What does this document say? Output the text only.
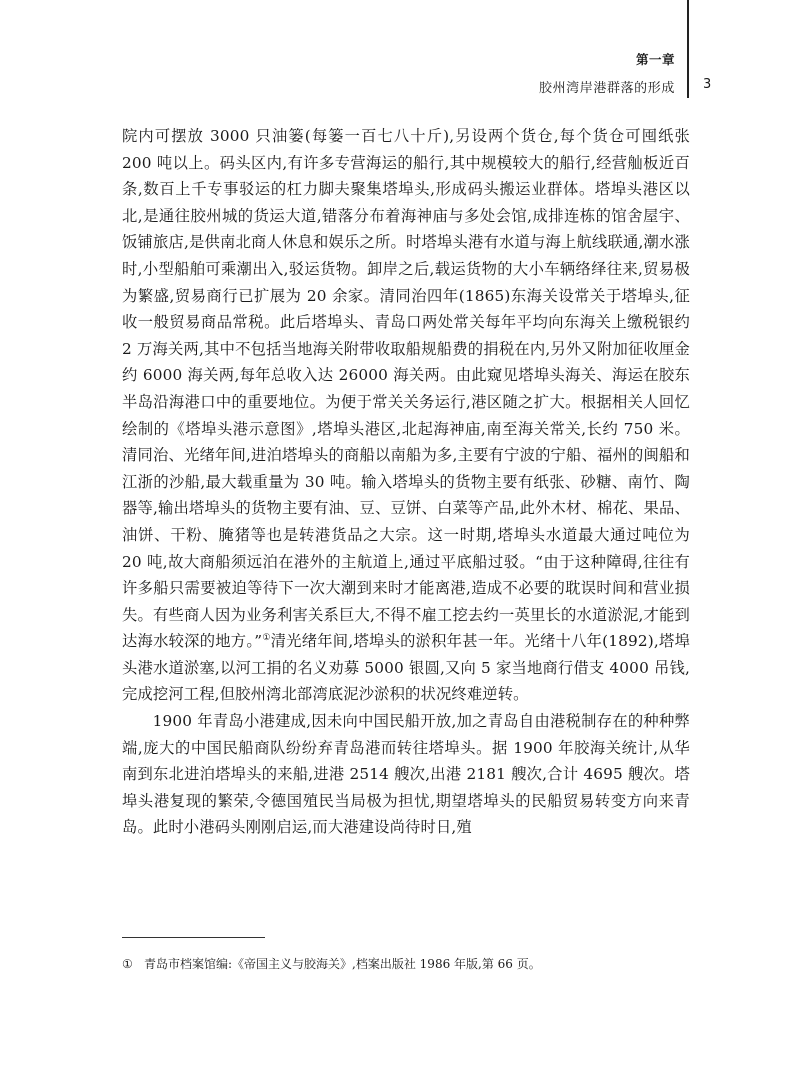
第一章
胶州湾岸港群落的形成 3

院内可摆放 3000 只油篓(每篓一百七八十斤),另设两个货仓,每个货仓可囤纸张 200 吨以上。码头区内,有许多专营海运的船行,其中规模较大的船行,经营舢板近百条,数百上千专事驳运的杠力脚夫聚集塔埠头,形成码头搬运业群体。塔埠头港区以北,是通往胶州城的货运大道,错落分布着海神庙与多处会馆,成排连栋的馆舍屋宇、饭铺旅店,是供南北商人休息和娱乐之所。时塔埠头港有水道与海上航线联通,潮水涨时,小型船舶可乘潮出入,驳运货物。卸岸之后,载运货物的大小车辆络绎往来,贸易极为繁盛,贸易商行已扩展为 20 余家。清同治四年(1865)东海关设常关于塔埠头,征收一般贸易商品常税。此后塔埠头、青岛口两处常关每年平均向东海关上缴税银约 2 万海关两,其中不包括当地海关附带收取船规船费的捐税在内,另外又附加征收厘金约 6000 海关两,每年总收入达 26000 海关两。由此窥见塔埠头海关、海运在胶东半岛沿海港口中的重要地位。为便于常关关务运行,港区随之扩大。根据相关人回忆绘制的《塔埠头港示意图》,塔埠头港区,北起海神庙,南至海关常关,长约 750 米。清同治、光绪年间,进泊塔埠头的商船以南船为多,主要有宁波的宁船、福州的闽船和江浙的沙船,最大载重量为 30 吨。输入塔埠头的货物主要有纸张、砂糖、南竹、陶器等,输出塔埠头的货物主要有油、豆、豆饼、白菜等产品,此外木材、棉花、果品、油饼、干粉、腌猪等也是转港货品之大宗。这一时期,塔埠头水道最大通过吨位为 20 吨,故大商船须远泊在港外的主航道上,通过平底船过驳。“由于这种障碍,往往有许多船只需要被迫等待下一次大潮到来时才能离港,造成不必要的耽误时间和营业损失。有些商人因为业务利害关系巨大,不得不雇工挖去约一英里长的水道淤泥,才能到达海水较深的地方。”①清光绪年间,塔埠头的淤积年甚一年。光绪十八年(1892),塔埠头港水道淤塞,以河工捐的名义劝募 5000 银圆,又向 5 家当地商行借支 4000 吊钱,完成挖河工程,但胶州湾北部湾底泥沙淤积的状况终难逆转。

1900 年青岛小港建成,因未向中国民船开放,加之青岛自由港税制存在的种种弊端,庞大的中国民船商队纷纷弃青岛港而转往塔埠头。据 1900 年胶海关统计,从华南到东北进泊塔埠头的来船,进港 2514 艘次,出港 2181 艘次,合计 4695 艘次。塔埠头港复现的繁荣,令德国殖民当局极为担忧,期望塔埠头的民船贸易转变方向来青岛。此时小港码头刚刚启运,而大港建设尚待时日,殖

① 青岛市档案馆编:《帝国主义与胶海关》,档案出版社 1986 年版,第 66 页。
